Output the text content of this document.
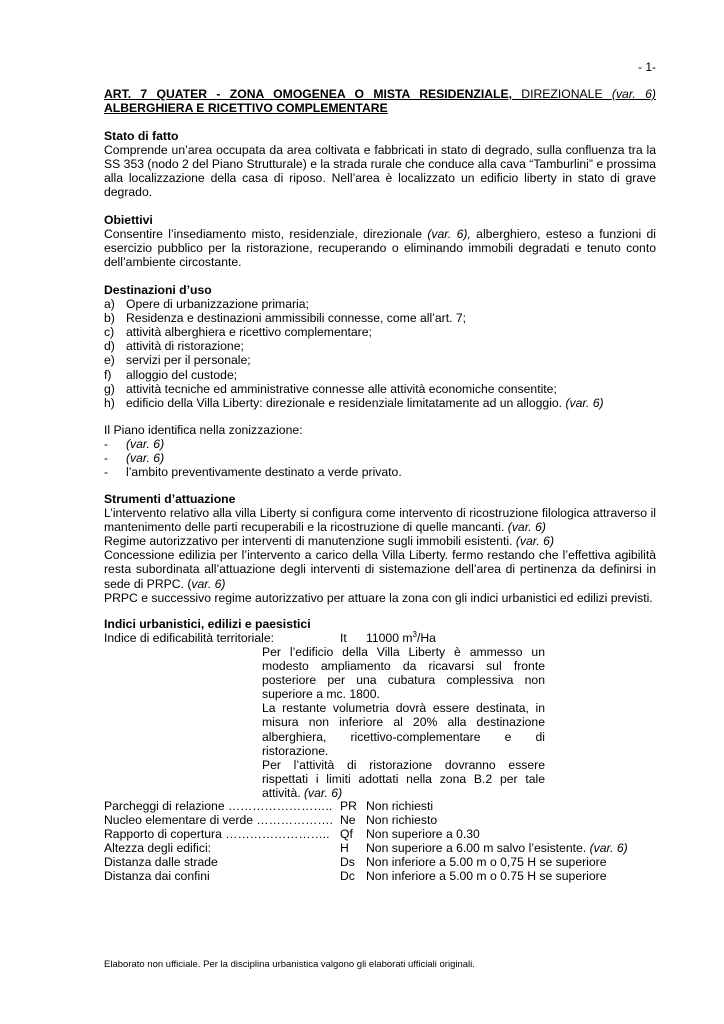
- 1-
ART. 7 QUATER - ZONA OMOGENEA O MISTA RESIDENZIALE, DIREZIONALE (var. 6)
ALBERGHIERA E RICETTIVO COMPLEMENTARE
Stato di fatto
Comprende un’area occupata da area coltivata e fabbricati in stato di degrado, sulla confluenza tra la SS 353 (nodo 2 del Piano Strutturale) e la strada rurale che conduce alla cava “Tamburlini” e prossima alla localizzazione della casa di riposo. Nell’area è localizzato un edificio liberty in stato di grave degrado.
Obiettivi
Consentire l’insediamento misto, residenziale, direzionale (var. 6), alberghiero, esteso a funzioni di esercizio pubblico per la ristorazione, recuperando o eliminando immobili degradati e tenuto conto dell’ambiente circostante.
Destinazioni d’uso
a) Opere di urbanizzazione primaria;
b) Residenza e destinazioni ammissibili connesse, come all’art. 7;
c) attività alberghiera e ricettivo complementare;
d) attività di ristorazione;
e) servizi per il personale;
f) alloggio del custode;
g) attività tecniche ed amministrative connesse alle attività economiche consentite;
h) edificio della Villa Liberty: direzionale e residenziale limitatamente ad un alloggio. (var. 6)
Il Piano identifica nella zonizzazione:
- (var. 6)
- (var. 6)
- l’ambito preventivamente destinato a verde privato.
Strumenti d’attuazione
L’intervento relativo alla villa Liberty si configura come intervento di ricostruzione filologica attraverso il mantenimento delle parti recuperabili e la ricostruzione di quelle mancanti. (var. 6)
Regime autorizzativo per interventi di manutenzione sugli immobili esistenti. (var. 6)
Concessione edilizia per l’intervento a carico della Villa Liberty. fermo restando che l’effettiva agibilità resta subordinata all’attuazione degli interventi di sistemazione dell’area di pertinenza da definirsi in sede di PRPC. (var. 6)
PRPC e successivo regime autorizzativo per attuare la zona con gli indici urbanistici ed edilizi previsti.
Indici urbanistici, edilizi e paesistici
Indice di edificabilità territoriale:	It 11000 $m^3/Ha$
Per l’edificio della Villa Liberty è ammesso un modesto ampliamento da ricavarsi sul fronte posteriore per una cubatura complessiva non superiore a mc. 1800.
La restante volumetria dovrà essere destinata, in misura non inferiore al 20% alla destinazione alberghiera, ricettivo-complementare e di ristorazione.
Per l’attività di ristorazione dovranno essere rispettati i limiti adottati nella zona B.2 per tale attività. (var. 6)
Parcheggi di relazione …………………….. PR Non richiesti
Nucleo elementare di verde ………………. Ne Non richiesto
Rapporto di copertura …………………….. Qf Non superiore a 0.30
Altezza degli edifici:	H Non superiore a 6.00 m salvo l’esistente. (var. 6)
Distanza dalle strade	Ds Non inferiore a 5.00 m o 0,75 H se superiore
Distanza dai confini	Dc Non inferiore a 5.00 m o 0.75 H se superiore
Elaborato non ufficiale. Per la disciplina urbanistica valgono gli elaborati ufficiali originali.
